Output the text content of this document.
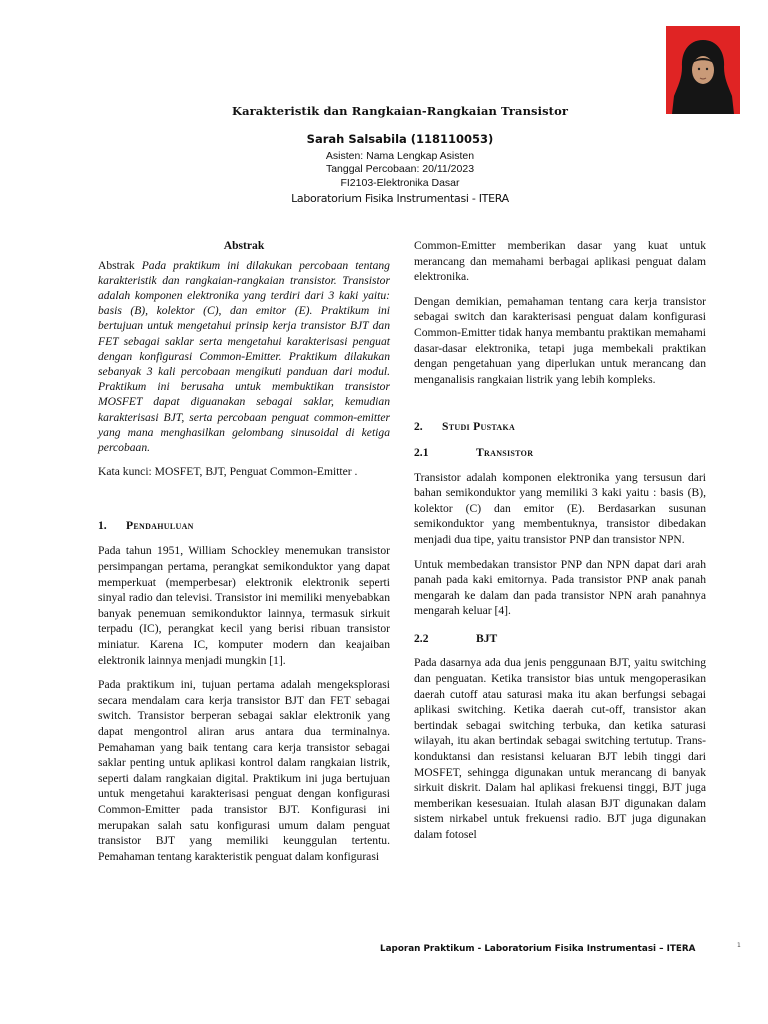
Karakteristik dan Rangkaian-Rangkaian Transistor
Sarah Salsabila (118110053)
Asisten: Nama Lengkap Asisten
Tanggal Percobaan: 20/11/2023
FI2103-Elektronika Dasar
Laboratorium Fisika Instrumentasi - ITERA
Abstrak

Abstrak Pada praktikum ini dilakukan percobaan tentang karakteristik dan rangkaian-rangkaian transistor. Transistor adalah komponen elektronika yang terdiri dari 3 kaki yaitu: basis (B), kolektor (C), dan emitor (E). Praktikum ini bertujuan untuk mengetahui prinsip kerja transistor BJT dan FET sebagai saklar serta mengetahui karakterisasi penguat dengan konfigurasi Common-Emitter. Praktikum dilakukan sebanyak 3 kali percobaan mengikuti panduan dari modul. Praktikum ini berusaha untuk membuktikan transistor MOSFET dapat diguanakan sebagai saklar, kemudian karakterisasi BJT, serta percobaan penguat common-emitter yang mana menghasilkan gelombang sinusoidal di ketiga percobaan.

Kata kunci: MOSFET, BJT, Penguat Common-Emitter .

1.	Pendahuluan

Pada tahun 1951, William Schockley menemukan transistor persimpangan pertama, perangkat semikonduktor yang dapat memperkuat (memperbesar) elektronik elektronik seperti sinyal radio dan televisi. Transistor ini memiliki menyebabkan banyak penemuan semikonduktor lainnya, termasuk sirkuit terpadu (IC), perangkat kecil yang berisi ribuan transistor miniatur. Karena IC, komputer modern dan keajaiban elektronik lainnya menjadi mungkin [1].

Pada praktikum ini, tujuan pertama adalah mengeksplorasi secara mendalam cara kerja transistor BJT dan FET sebagai switch. Transistor berperan sebagai saklar elektronik yang dapat mengontrol aliran arus antara dua terminalnya. Pemahaman yang baik tentang cara kerja transistor sebagai saklar penting untuk aplikasi kontrol dalam rangkaian listrik, seperti dalam rangkaian digital. Praktikum ini juga bertujuan untuk mengetahui karakterisasi penguat dengan konfigurasi Common-Emitter pada transistor BJT. Konfigurasi ini merupakan salah satu konfigurasi umum dalam penguat transistor BJT yang memiliki keunggulan tertentu. Pemahaman tentang karakteristik penguat dalam konfigurasi

Common-Emitter memberikan dasar yang kuat untuk merancang dan memahami berbagai aplikasi penguat dalam elektronika.

Dengan demikian, pemahaman tentang cara kerja transistor sebagai switch dan karakterisasi penguat dalam konfigurasi Common-Emitter tidak hanya membantu praktikan memahami dasar-dasar elektronika, tetapi juga membekali praktikan dengan pengetahuan yang diperlukan untuk merancang dan menganalisis rangkaian listrik yang lebih kompleks.

2.	Studi Pustaka
2.1	Transistor

Transistor adalah komponen elektronika yang tersusun dari bahan semikonduktor yang memiliki 3 kaki yaitu : basis (B), kolektor (C) dan emitor (E). Berdasarkan susunan semikonduktor yang membentuknya, transistor dibedakan menjadi dua tipe, yaitu transistor PNP dan transistor NPN.

Untuk membedakan transistor PNP dan NPN dapat dari arah panah pada kaki emitornya. Pada transistor PNP anak panah mengarah ke dalam dan pada transistor NPN arah panahnya mengarah keluar [4].

2.2	BJT

Pada dasarnya ada dua jenis penggunaan BJT, yaitu switching dan penguatan. Ketika transistor bias untuk mengoperasikan daerah cutoff atau saturasi maka itu akan berfungsi sebagai aplikasi switching. Ketika daerah cut-off, transistor akan bertindak sebagai switching terbuka, dan ketika saturasi wilayah, itu akan bertindak sebagai switching tertutup. Trans-konduktansi dan resistansi keluaran BJT lebih tinggi dari MOSFET, sehingga digunakan untuk merancang di banyak sirkuit diskrit. Dalam hal aplikasi frekuensi tinggi, BJT juga memberikan kesesuaian. Itulah alasan BJT digunakan dalam sistem nirkabel untuk frekuensi radio. BJT juga digunakan dalam fotosel

Laporan Praktikum - Laboratorium Fisika Instrumentasi – ITERA	1
